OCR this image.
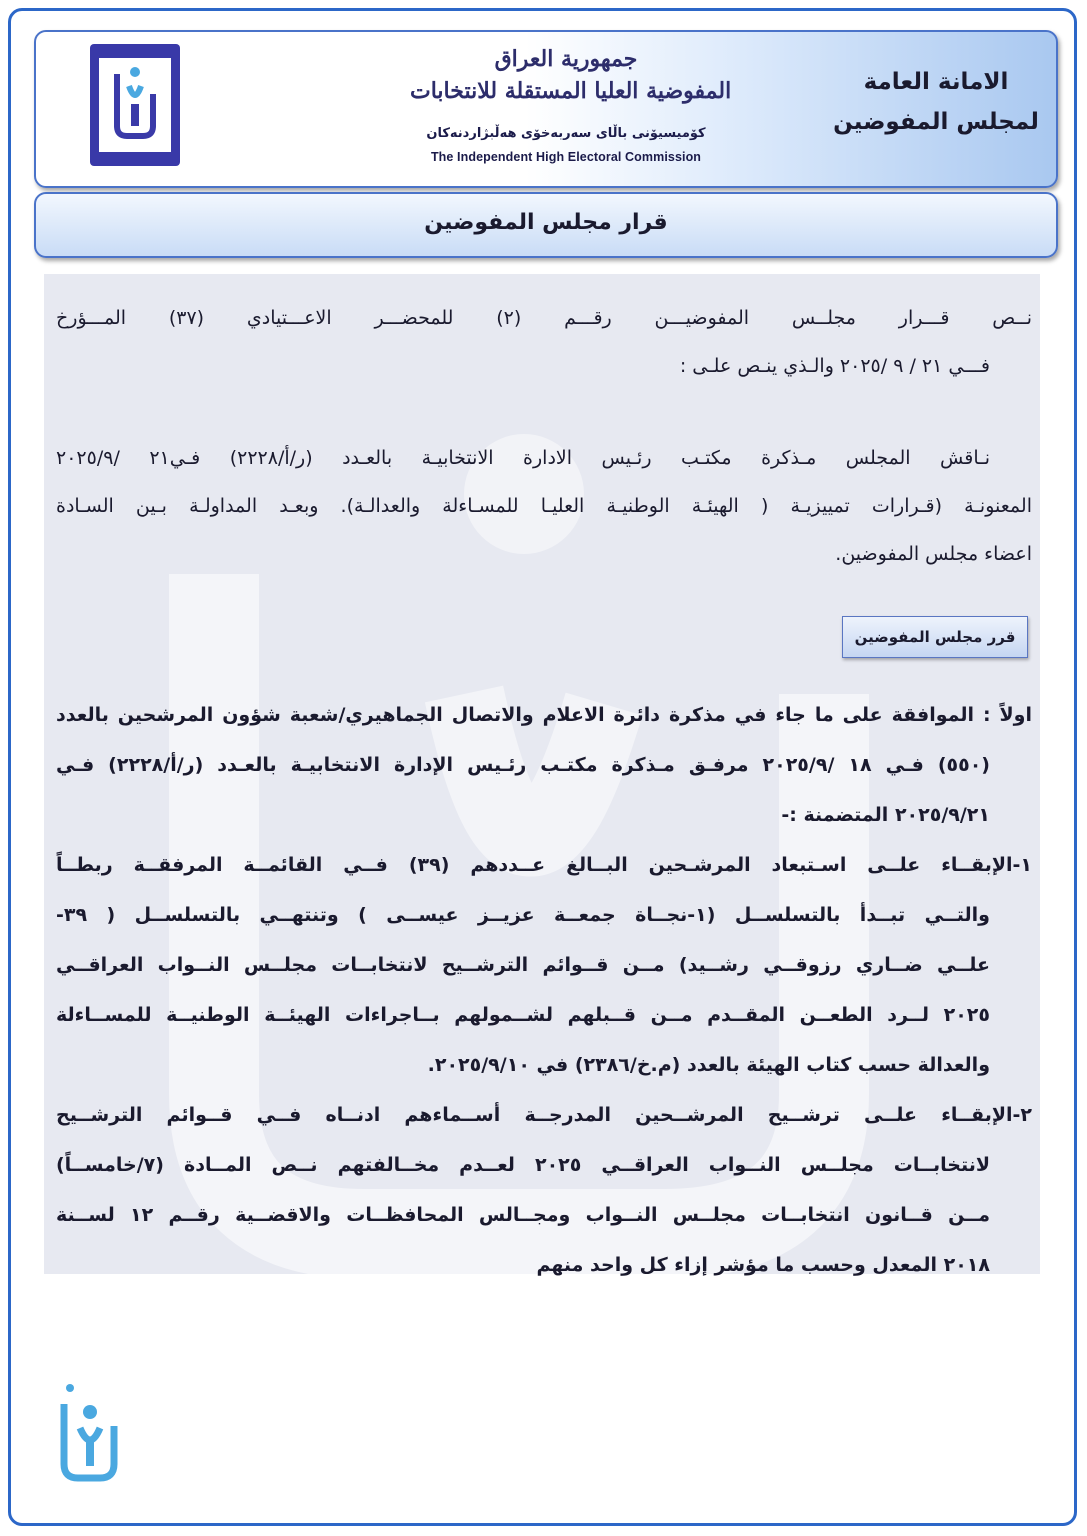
جمهورية العراق
المفوضية العليا المستقلة للانتخابات
كۆمیسیۆنی باڵای سەربەخۆی هەڵبژاردنەکان
The Independent High Electoral Commission
الامانة العامة
لمجلس المفوضين
قرار مجلس المفوضين
نــص قـــرار مجلــس المفوضيـــن رقـــم (٢) للمحضـــر الاعـــتيادي (٣٧) المـــؤرخ
فـــي ٢١ / ٩ /٢٠٢٥ والـذي ينـص علـى :
نـاقش المجلس مـذكرة مكتـب رئـيس الادارة الانتخابيـة بالعـدد (ر/أ/٢٢٢٨) فـي٢١ /٢٠٢٥/٩
المعنونـة (قـرارات تمييزيـة ( الهيئـة الوطنيـة العليـا للمسـاءلة والعدالـة). وبعـد المداولـة بـين السـادة
اعضاء مجلس المفوضين.
اولاً : الموافقة على ما جاء في مذكرة دائرة الاعلام والاتصال الجماهيري/شعبة شؤون المرشحين بالعدد
(٥٥٠) فـي ١٨ /٢٠٢٥/٩ مرفـق مـذكرة مكتـب رئـيس الإدارة الانتخابيـة بالعـدد (ر/أ/٢٢٢٨) فـي
٢٠٢٥/٩/٢١ المتضمنة :-
١-الإبقــاء علــى اسـتبعاد المرشـحين البــالغ عــددهم (٣٩) فــي القائمــة المرفقــة ربطــاً
والتــي تبــدأ بالتسلســل (١-نجــاة جمعــة عزيــز عيســى ) وتنتهــي بالتسلســل ( ٣٩-
علــي ضــاري رزوقــي رشــيد) مــن قــوائم الترشــيح لانتخابــات مجلــس النــواب العراقــي
٢٠٢٥ لــرد الطعــن المقــدم مــن قــبلهم لشــمولهم بــاجراءات الهيئــة الوطنيــة للمســاءلة
والعدالة حسب كتاب الهيئة بالعدد (م.خ/٢٣٨٦) في ٢٠٢٥/٩/١٠.
٢-الإبقــاء علــى ترشــيح المرشــحين المدرجــة أســماءهم ادنــاه فــي قــوائم الترشــيح
لانتخابــات مجلــس النــواب العراقــي ٢٠٢٥ لعــدم مخــالفتهم نــص المــادة (٧/خامســاً)
مــن قــانون انتخابــات مجلــس النــواب ومجــالس المحافظــات والاقضــية رقــم ١٢ لســنة
٢٠١٨ المعدل وحسب ما مؤشر إزاء كل واحد منهم
قرر مجلس المفوضين
